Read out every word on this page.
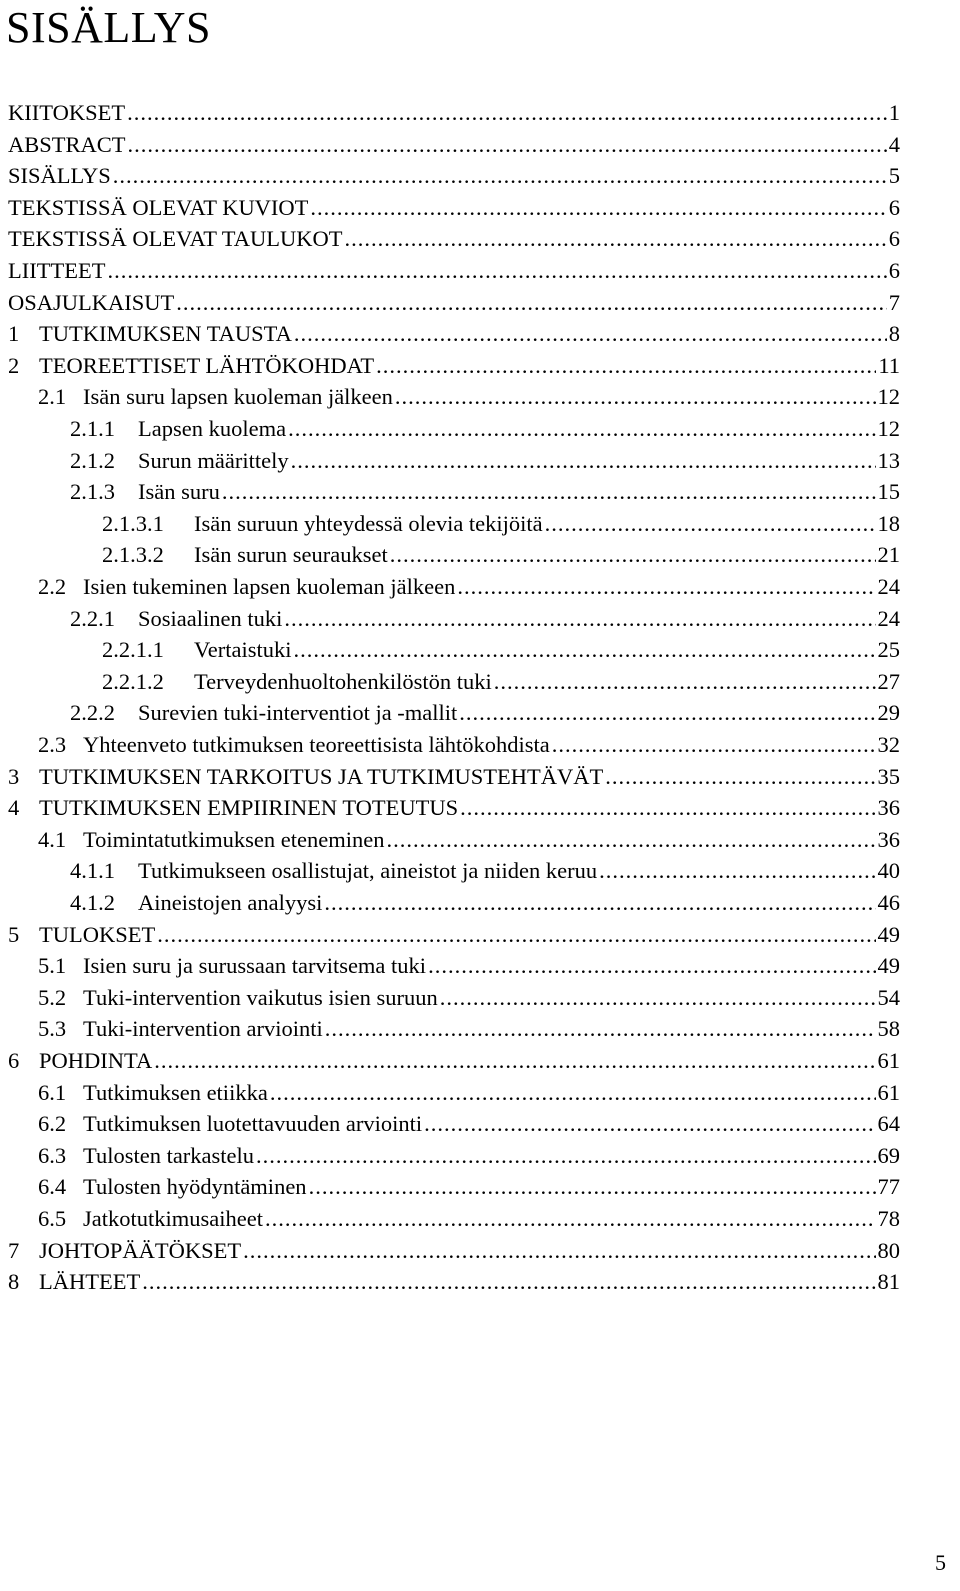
SISÄLLYS
KIITOKSET .....	1
ABSTRACT .....	4
SISÄLLYS .....	5
TEKSTISSÄ OLEVAT KUVIOT .....	6
TEKSTISSÄ OLEVAT TAULUKOT .....	6
LIITTEET .....	6
OSAJULKAISUT .....	7
1 TUTKIMUKSEN TAUSTA .....	8
2 TEOREETTISET LÄHTÖKOHDAT .....	11
2.1 Isän suru lapsen kuoleman jälkeen .....	12
2.1.1	Lapsen kuolema .....	12
2.1.2	Surun määrittely .....	13
2.1.3	Isän suru .....	15
2.1.3.1	Isän suruun yhteydessä olevia tekijöitä .....	18
2.1.3.2	Isän surun seuraukset .....	21
2.2 Isien tukeminen lapsen kuoleman jälkeen .....	24
2.2.1	Sosiaalinen tuki .....	24
2.2.1.1	Vertaistuki .....	25
2.2.1.2	Terveydenhuoltohenkilöstön tuki .....	27
2.2.2	Surevien tuki-interventiot ja -mallit .....	29
2.3 Yhteenveto tutkimuksen teoreettisista lähtökohdista .....	32
3 TUTKIMUKSEN TARKOITUS JA TUTKIMUSTEHTÄVÄT .....	35
4 TUTKIMUKSEN EMPIIRINEN TOTEUTUS .....	36
4.1 Toimintatutkimuksen eteneminen .....	36
4.1.1	Tutkimukseen osallistujat, aineistot ja niiden keruu .....	40
4.1.2	Aineistojen analyysi .....	46
5 TULOKSET .....	49
5.1 Isien suru ja surussaan tarvitsema tuki .....	49
5.2 Tuki-intervention vaikutus isien suruun .....	54
5.3 Tuki-intervention arviointi .....	58
6 POHDINTA .....	61
6.1 Tutkimuksen etiikka .....	61
6.2 Tutkimuksen luotettavuuden arviointi .....	64
6.3 Tulosten tarkastelu .....	69
6.4 Tulosten hyödyntäminen .....	77
6.5 Jatkotutkimusaiheet .....	78
7 JOHTOPÄÄTÖKSET .....	80
8 LÄHTEET .....	81
5
